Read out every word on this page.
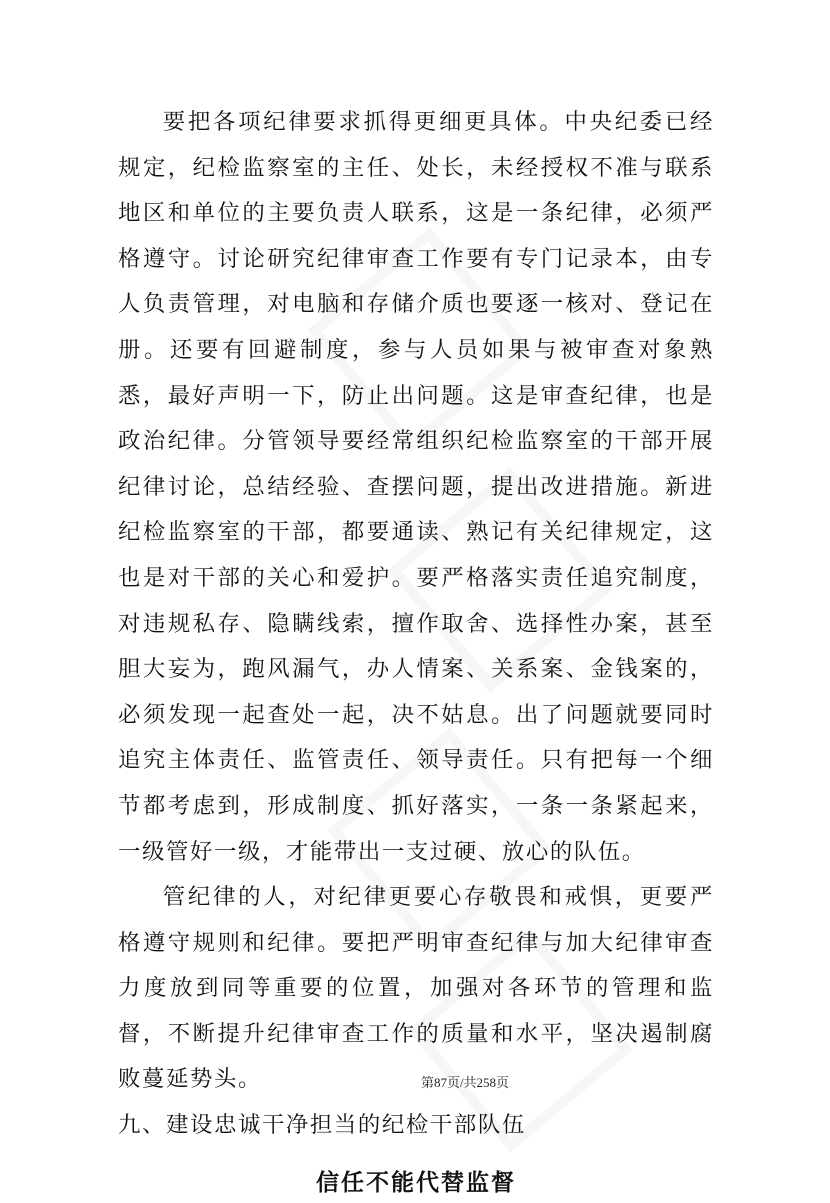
要把各项纪律要求抓得更细更具体。中央纪委已经规定，纪检监察室的主任、处长，未经授权不准与联系地区和单位的主要负责人联系，这是一条纪律，必须严格遵守。讨论研究纪律审查工作要有专门记录本，由专人负责管理，对电脑和存储介质也要逐一核对、登记在册。还要有回避制度，参与人员如果与被审查对象熟悉，最好声明一下，防止出问题。这是审查纪律，也是政治纪律。分管领导要经常组织纪检监察室的干部开展纪律讨论，总结经验、查摆问题，提出改进措施。新进纪检监察室的干部，都要通读、熟记有关纪律规定，这也是对干部的关心和爱护。要严格落实责任追究制度，对违规私存、隐瞒线索，擅作取舍、选择性办案，甚至胆大妄为，跑风漏气，办人情案、关系案、金钱案的，必须发现一起查处一起，决不姑息。出了问题就要同时追究主体责任、监管责任、领导责任。只有把每一个细节都考虑到，形成制度、抓好落实，一条一条紧起来，一级管好一级，才能带出一支过硬、放心的队伍。

管纪律的人，对纪律更要心存敬畏和戒惧，更要严格遵守规则和纪律。要把严明审查纪律与加大纪律审查力度放到同等重要的位置，加强对各环节的管理和监督，不断提升纪律审查工作的质量和水平，坚决遏制腐败蔓延势头。

九、建设忠诚干净担当的纪检干部队伍

信任不能代替监督

第87页/共258页
